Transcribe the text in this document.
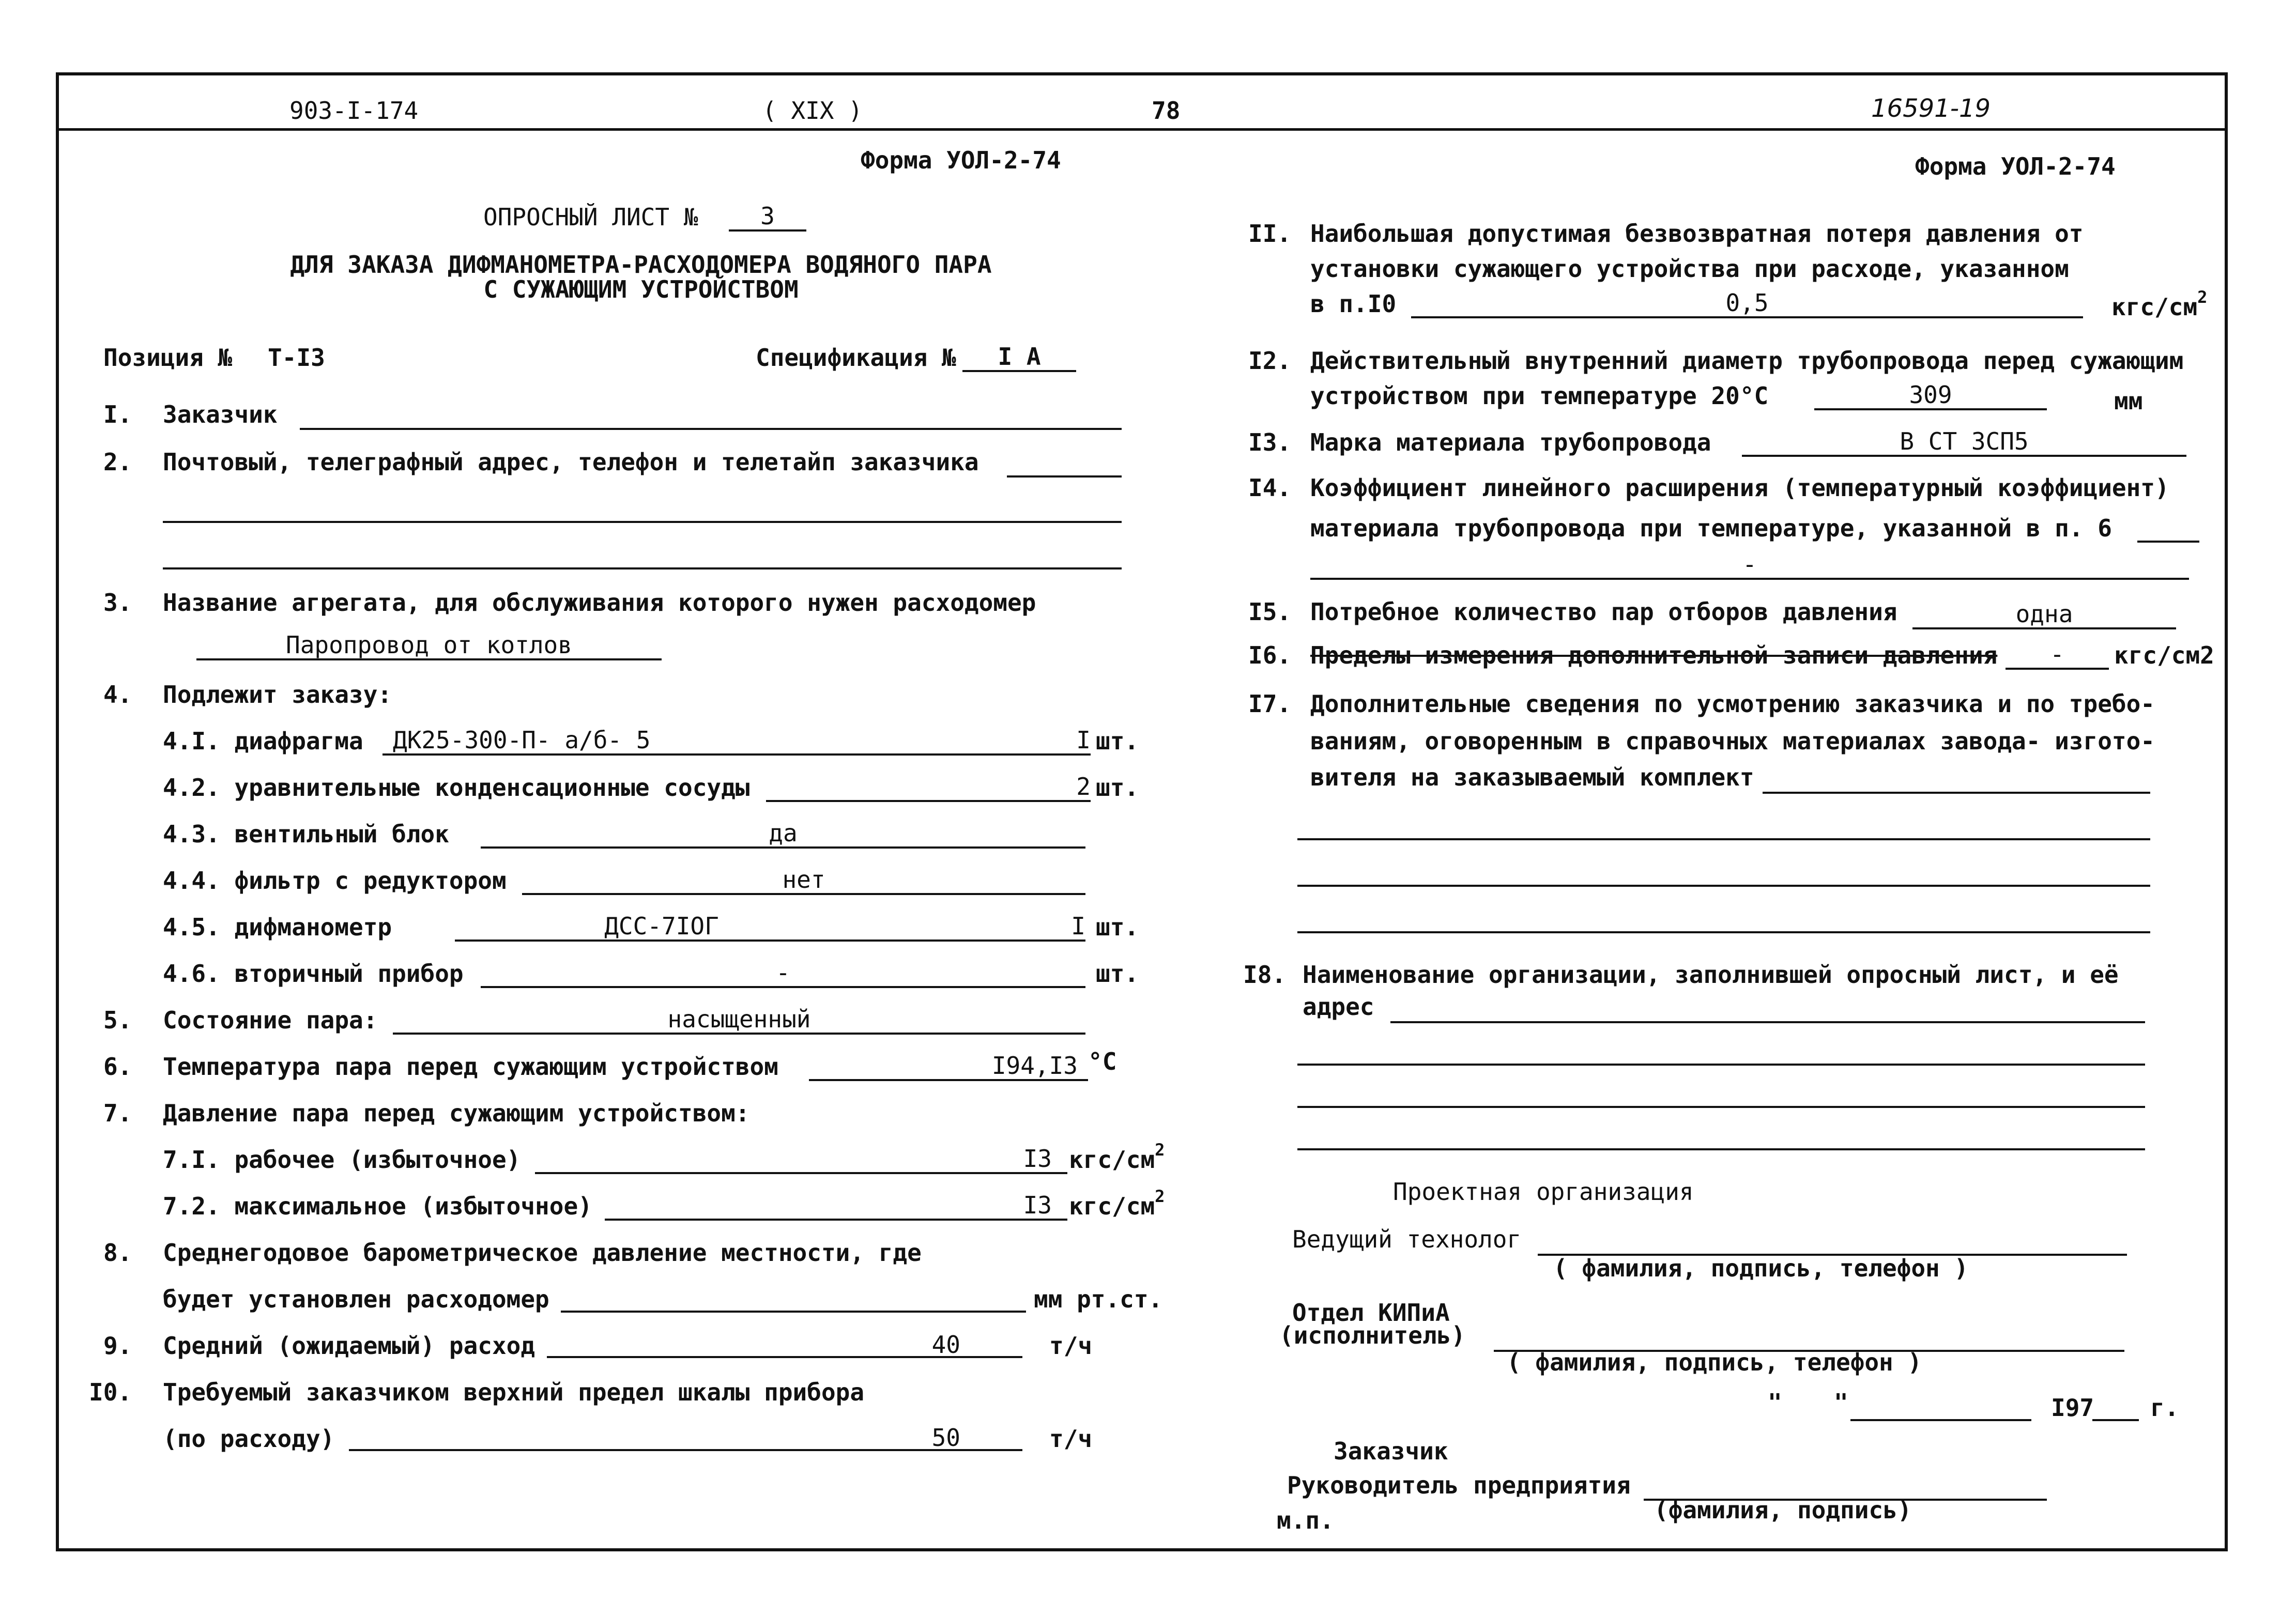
903-I-174	( XIX )	78	16591-19
Форма УОЛ-2-74	Форма УОЛ-2-74
ОПРОСНЫЙ ЛИСТ №	3
ДЛЯ ЗАКАЗА ДИФМАНОМЕТРА-РАСХОДОМЕРА ВОДЯНОГО ПАРА
С СУЖАЮЩИМ УСТРОЙСТВОМ
Позиция № Т-I3	Спецификация №	I А
I. Заказчик
2. Почтовый, телеграфный адрес, телефон и телетайп заказчика
3. Название агрегата, для обслуживания которого нужен расходомер
Паропровод от котлов
4. Подлежит заказу:
4.I. диафрагма	ДК25-300-П- а/б- 5	I шт.
4.2. уравнительные конденсационные сосуды	2 шт.
4.3. вентильный блок	да
4.4. фильтр с редуктором	нет
4.5. дифманометр	ДСС-7IОГ	I шт.
4.6. вторичный прибор	-	шт.
5. Состояние пара:	насыщенный
6. Температура пара перед сужающим устройством	I94,I3 °С
7. Давление пара перед сужающим устройством:
7.I. рабочее (избыточное)	I3 кгс/$см^2$
7.2. максимальное (избыточное)	I3 кгс/$см^2$
8. Среднегодовое барометрическое давление местности, где
будет установлен расходомер	мм рт.ст.
9. Средний (ожидаемый) расход	40	т/ч
I0. Требуемый заказчиком верхний предел шкалы прибора
(по расходу)	50	т/ч
II. Наибольшая допустимая безвозвратная потеря давления от
установки сужающего устройства при расходе, указанном
в п.I0	0,5	кгс/$см^2$
I2. Действительный внутренний диаметр трубопровода перед сужающим
устройством при температуре 20°С	309	мм
I3. Марка материала трубопровода	В СТ 3СП5
I4. Коэффициент линейного расширения (температурный коэффициент)
материала трубопровода при температуре, указанной в п. 6
-
I5. Потребное количество пар отборов давления	одна
I6. Пределы измерения дополнительной записи давления	-	кгс/см2
I7. Дополнительные сведения по усмотрению заказчика и по требо-
ваниям, оговоренным в справочных материалах завода- изгото-
вителя на заказываемый комплект
I8. Наименование организации, заполнившей опросный лист, и её
адрес
Проектная организация
Ведущий технолог
( фамилия, подпись, телефон )
Отдел КИПиА
(исполнитель)
( фамилия, подпись, телефон )
" "	I97 г.
Заказчик
Руководитель предприятия
(фамилия, подпись)
м.п.
